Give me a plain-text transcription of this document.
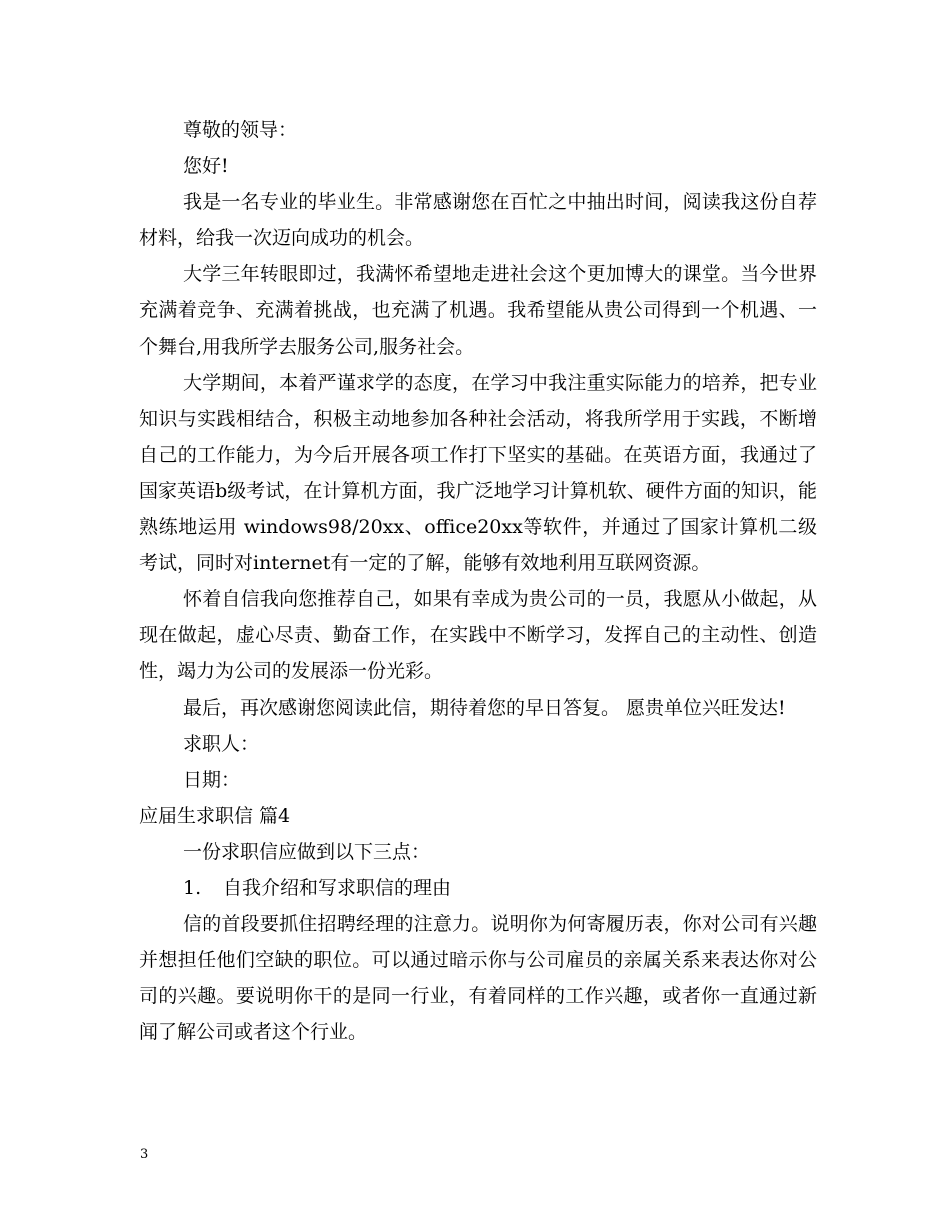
尊敬的领导：

您好!

我是一名专业的毕业生。非常感谢您在百忙之中抽出时间，阅读我这份自荐材料，给我一次迈向成功的机会。

大学三年转眼即过，我满怀希望地走进社会这个更加博大的课堂。当今世界充满着竞争、充满着挑战，也充满了机遇。我希望能从贵公司得到一个机遇、一个舞台,用我所学去服务公司,服务社会。

大学期间，本着严谨求学的态度，在学习中我注重实际能力的培养，把专业知识与实践相结合，积极主动地参加各种社会活动，将我所学用于实践，不断增自己的工作能力，为今后开展各项工作打下坚实的基础。在英语方面，我通过了国家英语b级考试，在计算机方面，我广泛地学习计算机软、硬件方面的知识，能熟练地运用 windows98/20xx、office20xx等软件，并通过了国家计算机二级考试，同时对internet有一定的了解，能够有效地利用互联网资源。

怀着自信我向您推荐自己，如果有幸成为贵公司的一员，我愿从小做起，从现在做起，虚心尽责、勤奋工作，在实践中不断学习，发挥自己的主动性、创造性，竭力为公司的发展添一份光彩。

最后，再次感谢您阅读此信，期待着您的早日答复。 愿贵单位兴旺发达!

求职人：

日期：

应届生求职信 篇4

一份求职信应做到以下三点：

1. 自我介绍和写求职信的理由

信的首段要抓住招聘经理的注意力。说明你为何寄履历表，你对公司有兴趣并想担任他们空缺的职位。可以通过暗示你与公司雇员的亲属关系来表达你对公司的兴趣。要说明你干的是同一行业，有着同样的工作兴趣，或者你一直通过新闻了解公司或者这个行业。

3
